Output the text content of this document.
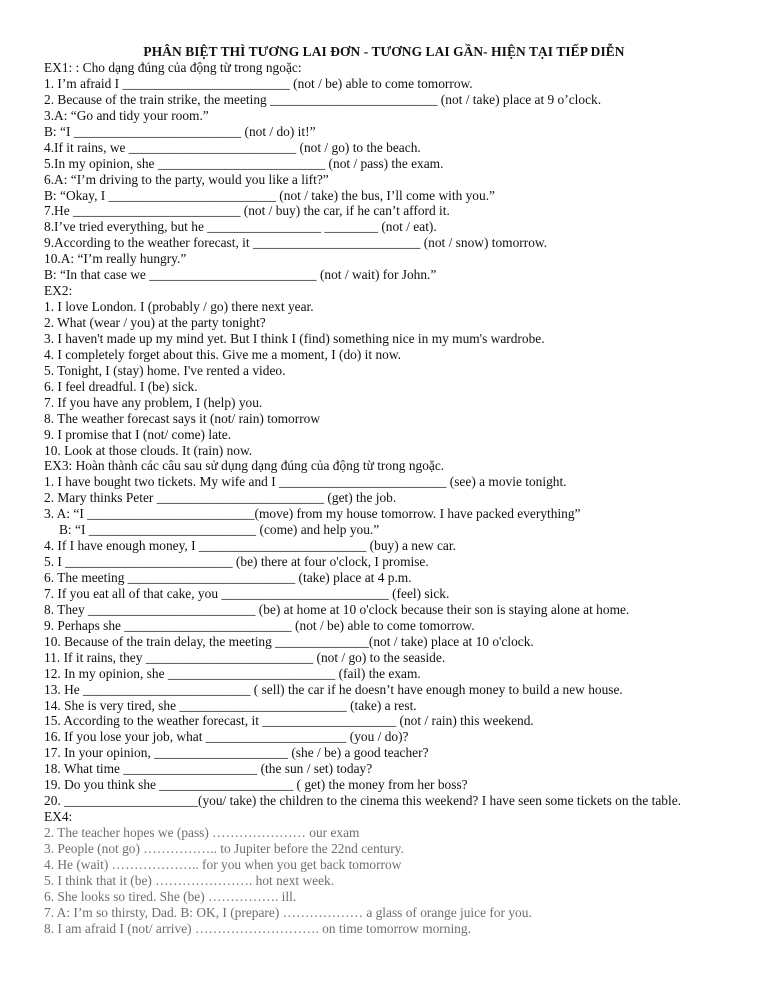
PHÂN BIỆT THÌ TƯƠNG LAI ĐƠN - TƯƠNG LAI GẦN- HIỆN TẠI TIẾP DIỄN
EX1: : Cho dạng đúng của động từ trong ngoặc:
1. I’m afraid I _________________________ (not / be) able to come tomorrow.
2. Because of the train strike, the meeting _________________________ (not / take) place at 9 o’clock.
3.A: “Go and tidy your room.”
B: “I _________________________ (not / do) it!”
4.If it rains, we _________________________ (not / go) to the beach.
5.In my opinion, she _________________________ (not / pass) the exam.
6.A: “I’m driving to the party, would you like a lift?”
B: “Okay, I _________________________ (not / take) the bus, I’ll come with you.”
7.He _________________________ (not / buy) the car, if he can’t afford it.
8.I’ve tried everything, but he _________________ ________ (not / eat).
9.According to the weather forecast, it _________________________ (not / snow) tomorrow.
10.A: “I’m really hungry.”
B: “In that case we _________________________ (not / wait) for John.”
EX2:
1. I love London. I (probably / go) there next year.
2. What (wear / you) at the party tonight?
3. I haven't made up my mind yet. But I think I (find) something nice in my mum's wardrobe.
4. I completely forget about this. Give me a moment, I (do) it now.
5. Tonight, I (stay) home. I've rented a video.
6. I feel dreadful. I (be) sick.
7. If you have any problem, I (help) you.
8. The weather forecast says it (not/ rain) tomorrow
9. I promise that I (not/ come) late.
10. Look at those clouds. It (rain) now.
EX3: Hoàn thành các câu sau sử dụng dạng đúng của động từ trong ngoặc.
1. I have bought two tickets. My wife and I _________________________ (see) a movie tonight.
2. Mary thinks Peter _________________________ (get) the job.
3. A: “I _________________________(move) from my house tomorrow. I have packed everything”
B: “I _________________________ (come) and help you.”
4. If I have enough money, I _________________________ (buy) a new car.
5. I _________________________ (be) there at four o'clock, I promise.
6. The meeting _________________________ (take) place at 4 p.m.
7. If you eat all of that cake, you _________________________ (feel) sick.
8. They _________________________ (be) at home at 10 o'clock because their son is staying alone at home.
9. Perhaps she _________________________ (not / be) able to come tomorrow.
10. Because of the train delay, the meeting ______________(not / take) place at 10 o'clock.
11. If it rains, they _________________________ (not / go) to the seaside.
12. In my opinion, she _________________________ (fail) the exam.
13. He _________________________ ( sell) the car if he doesn’t have enough money to build a new house.
14. She is very tired, she _________________________ (take) a rest.
15. According to the weather forecast, it ____________________ (not / rain) this weekend.
16. If you lose your job, what _____________________ (you / do)?
17. In your opinion, ____________________ (she / be) a good teacher?
18. What time ____________________ (the sun / set) today?
19. Do you think she ____________________ ( get) the money from her boss?
20. ____________________(you/ take) the children to the cinema this weekend? I have seen some tickets on the table.
EX4:
2. The teacher hopes we (pass) ………………… our exam
3. People (not go) …………….. to Jupiter before the 22nd century.
4. He (wait) ……………….. for you when you get back tomorrow
5. I think that it (be) …………………. hot next week.
6. She looks so tired. She (be) ……………. ill.
7. A: I’m so thirsty, Dad. B: OK, I (prepare) ……………… a glass of orange juice for you.
8. I am afraid I (not/ arrive) ………………………. on time tomorrow morning.
